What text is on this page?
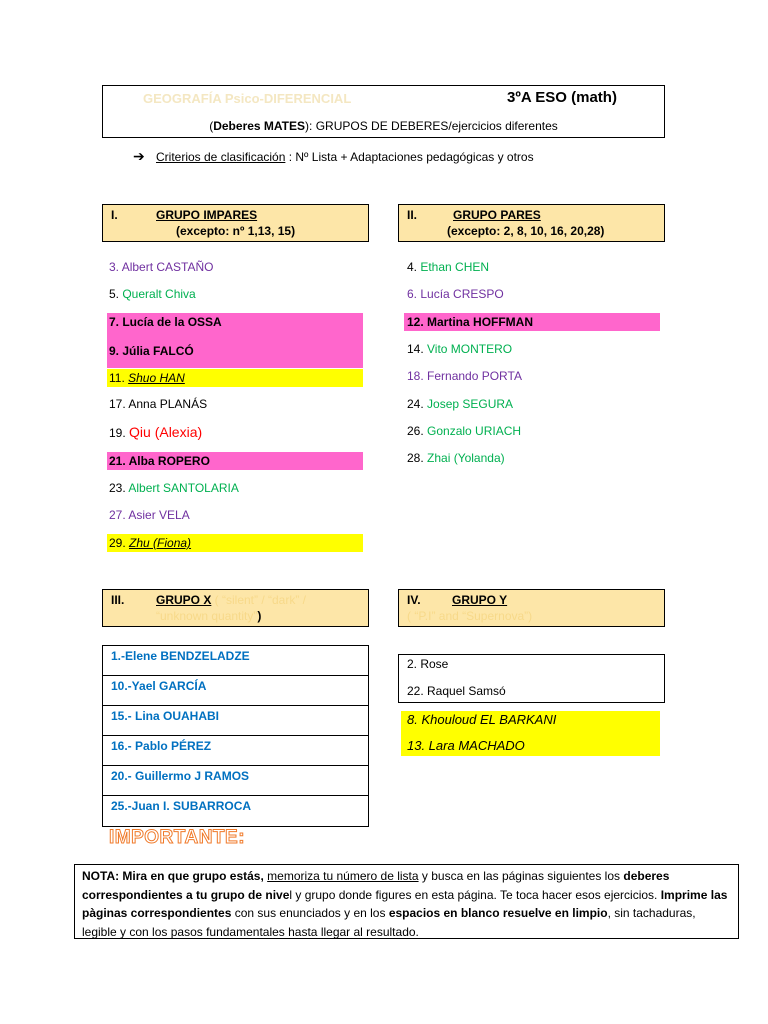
GEOGRAFÍA Psico-DIFERENCIAL	3ºA ESO (math)
(Deberes MATES): GRUPOS DE DEBERES/ejercicios diferentes
➔ Criterios de clasificación : Nº Lista + Adaptaciones pedagógicas y otros
I.	GRUPO IMPARES
(excepto: nº 1,13, 15)
II.	GRUPO PARES
(excepto: 2, 8, 10, 16, 20,28)
3. Albert CASTAÑO
5. Queralt Chiva
7. Lucía de la OSSA
9. Júlia FALCÓ
11. Shuo HAN
17. Anna PLANÁS
19. Qiu (Alexia)
21. Alba ROPERO
23. Albert SANTOLARIA
27. Asier VELA
29. Zhu (Fiona)
4. Ethan CHEN
6. Lucía CRESPO
12. Martina HOFFMAN
14. Vito MONTERO
18. Fernando PORTA
24. Josep SEGURA
26. Gonzalo URIACH
28. Zhai (Yolanda)
III.	GRUPO X ( “silent” / “dark” /
“unknown quantity”)
IV.	GRUPO Y
( “P.I” and “Supernova”)
1.-Elene BENDZELADZE
10.-Yael GARCÍA
15.- Lina OUAHABI
16.- Pablo PÉREZ
20.- Guillermo J RAMOS
25.-Juan I. SUBARROCA
2. Rose
22. Raquel Samsó
8. Khouloud EL BARKANI
13. Lara MACHADO
IMPORTANTE:
NOTA: Mira en que grupo estás, memoriza tu número de lista y busca en las páginas siguientes los deberes correspondientes a tu grupo de nivel y grupo donde figures en esta página. Te toca hacer esos ejercicios. Imprime las pàginas correspondientes con sus enunciados y en los espacios en blanco resuelve en limpio, sin tachaduras, legible y con los pasos fundamentales hasta llegar al resultado.
